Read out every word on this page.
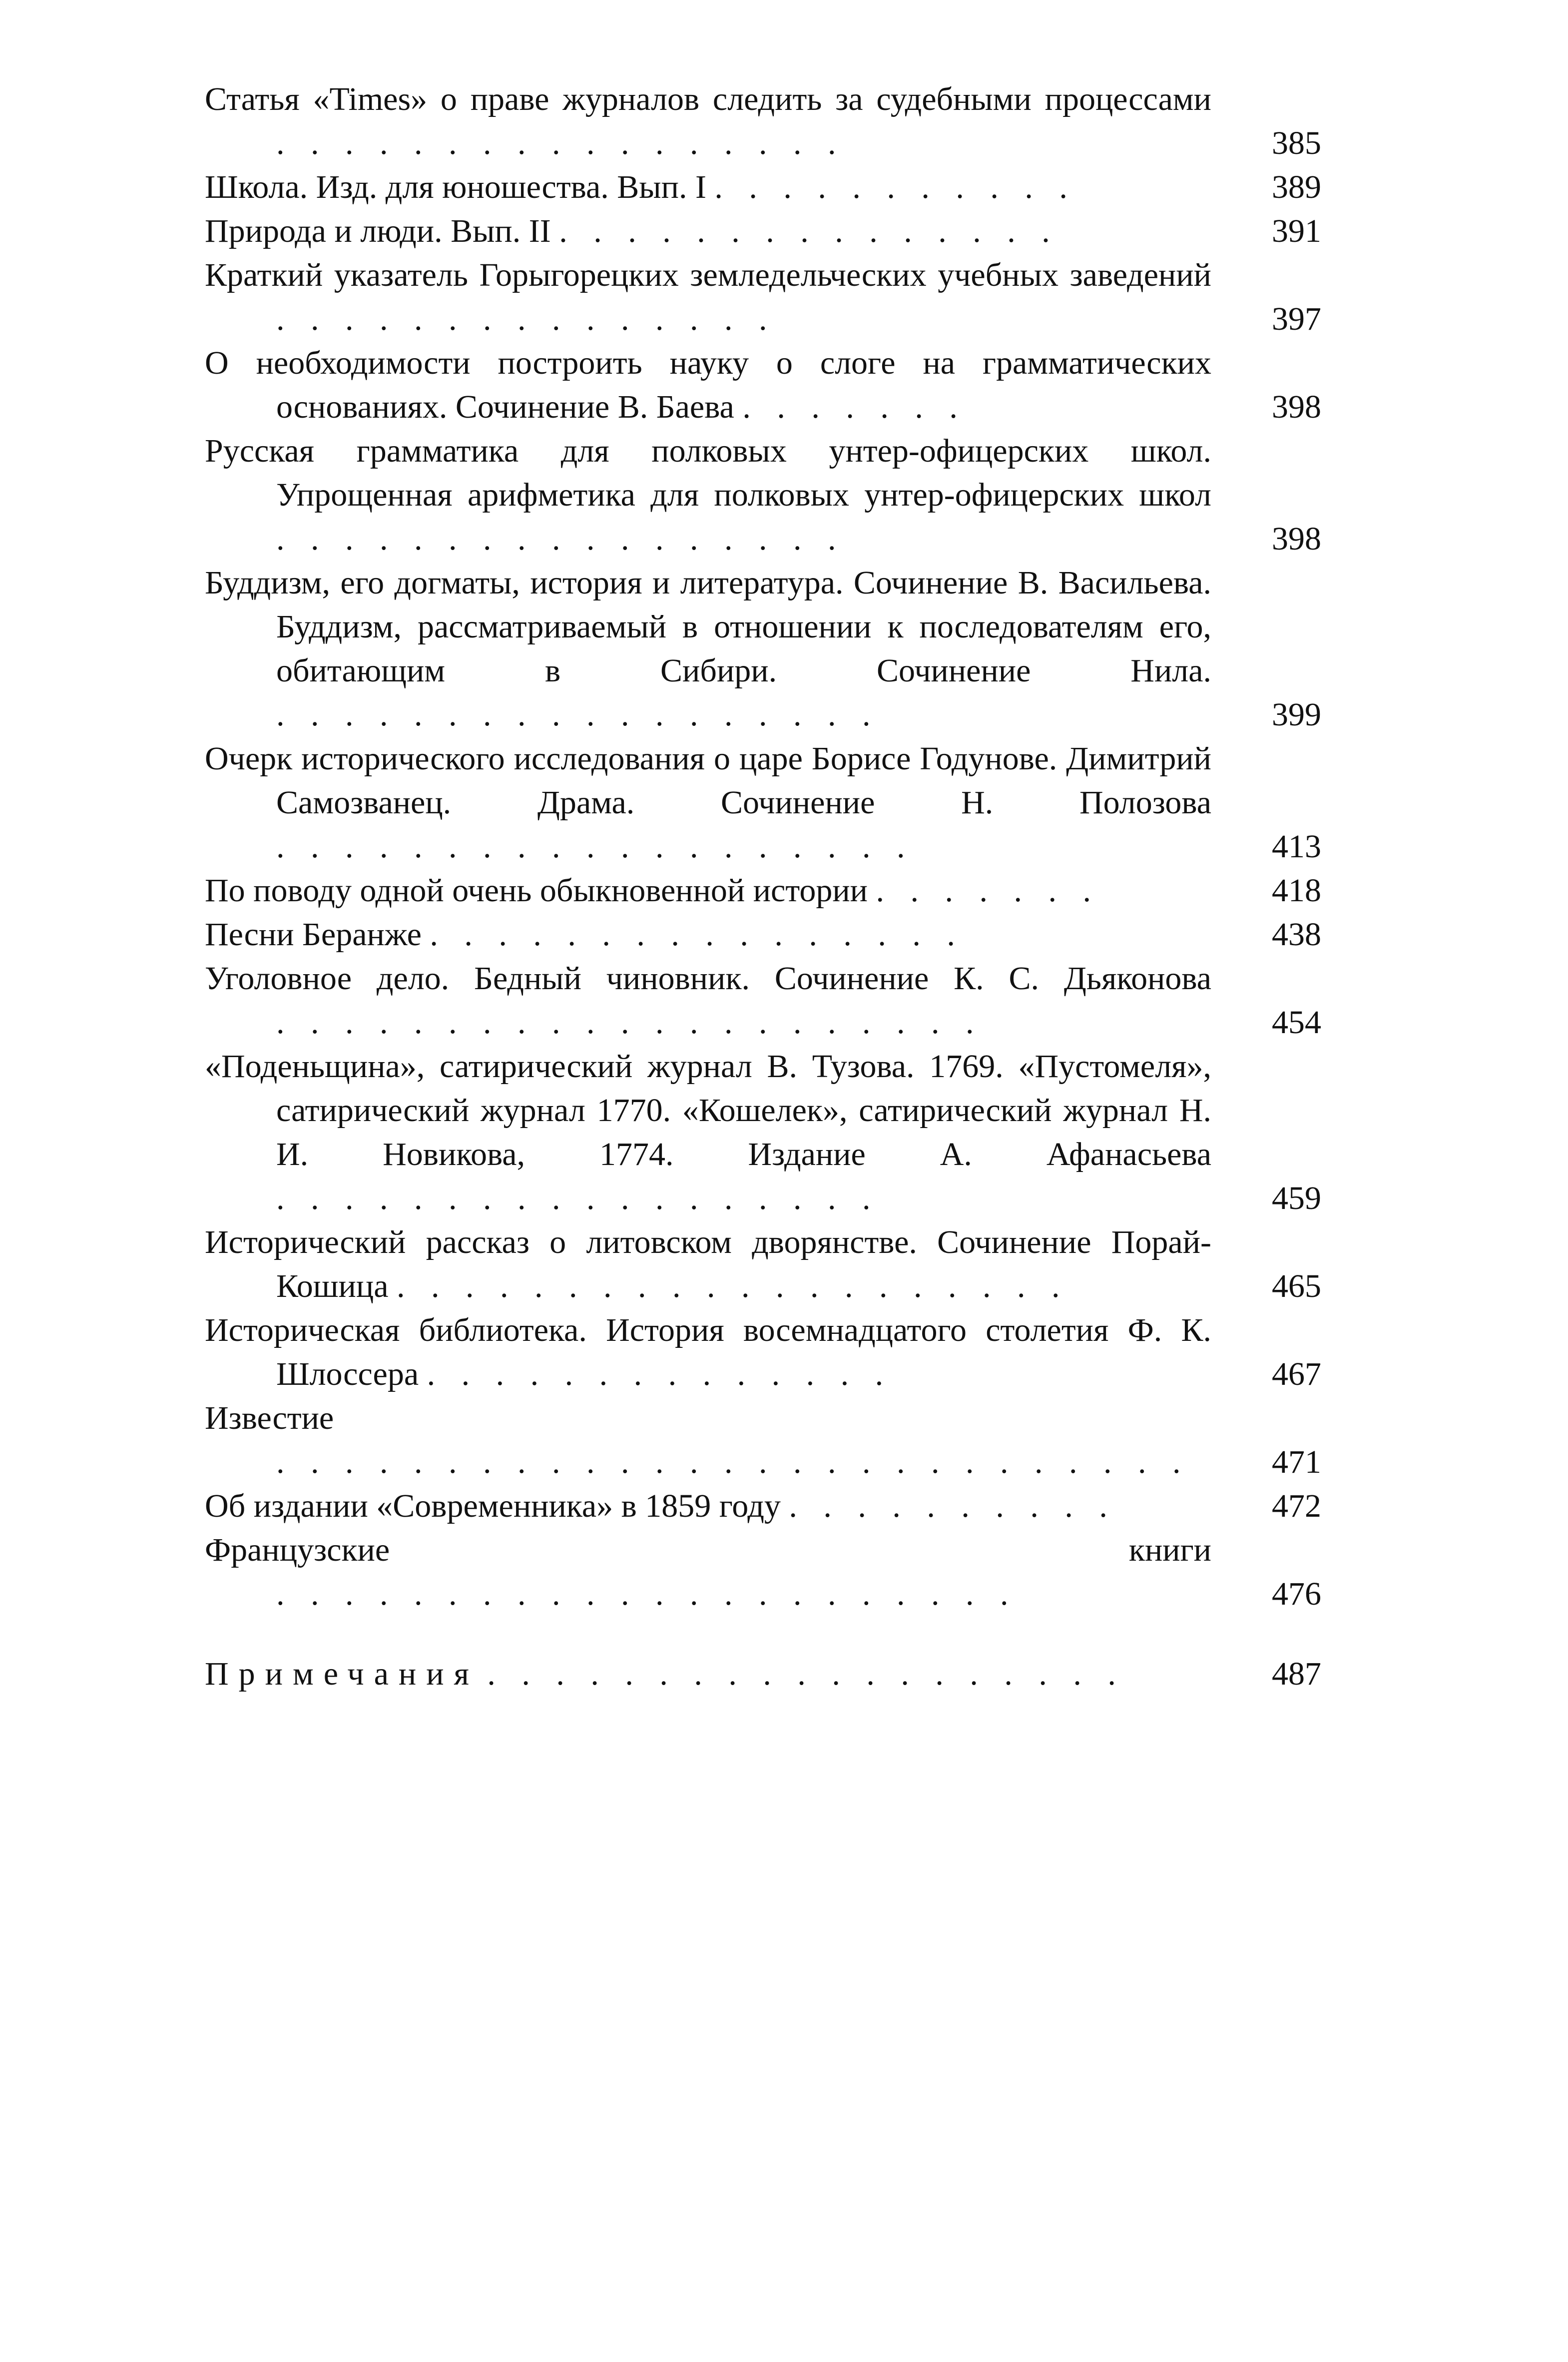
Статья «Times» о праве журналов следить за судебными процессами . . . . . . . . . . . . . . . . .	385
Школа. Изд. для юношества. Вып. I . . . . . . . . . . .	389
Природа и люди. Вып. II . . . . . . . . . . . . . . .	391
Краткий указатель Горыгорецких земледельческих учебных заведений . . . . . . . . . . . . . . .	397
О необходимости построить науку о слоге на грамматических основаниях. Сочинение В. Баева . . . . . . .	398
Русская грамматика для полковых унтер-офицерских школ. Упрощенная арифметика для полковых унтер-офицерских школ . . . . . . . . . . . . . . . . .	398
Буддизм, его догматы, история и литература. Сочинение В. Васильева. Буддизм, рассматриваемый в отношении к последователям его, обитающим в Сибири. Сочинение Нила. . . . . . . . . . . . . . . . . . .	399
Очерк исторического исследования о царе Борисе Годунове. Димитрий Самозванец. Драма. Сочинение Н. Полозова . . . . . . . . . . . . . . . . . . .	413
По поводу одной очень обыкновенной истории . . . . . . .	418
Песни Беранже . . . . . . . . . . . . . . . .	438
Уголовное дело. Бедный чиновник. Сочинение К. С. Дьяконова . . . . . . . . . . . . . . . . . . . . .	454
«Поденьщина», сатирический журнал В. Тузова. 1769. «Пустомеля», сатирический журнал 1770. «Кошелек», сатирический журнал Н. И. Новикова, 1774. Издание А. Афанасьева . . . . . . . . . . . . . . . . . .	459
Исторический рассказ о литовском дворянстве. Сочинение Порай-Кошица . . . . . . . . . . . . . . . . . . . .	465
Историческая библиотека. История восемнадцатого столетия Ф. К. Шлоссера . . . . . . . . . . . . . .	467
Известие . . . . . . . . . . . . . . . . . . . . . . . . . . .	471
Об издании «Современника» в 1859 году . . . . . . . . . .	472
Французские книги . . . . . . . . . . . . . . . . . . . . . .	476
Примечания . . . . . . . . . . . . . . . . . . .	487
